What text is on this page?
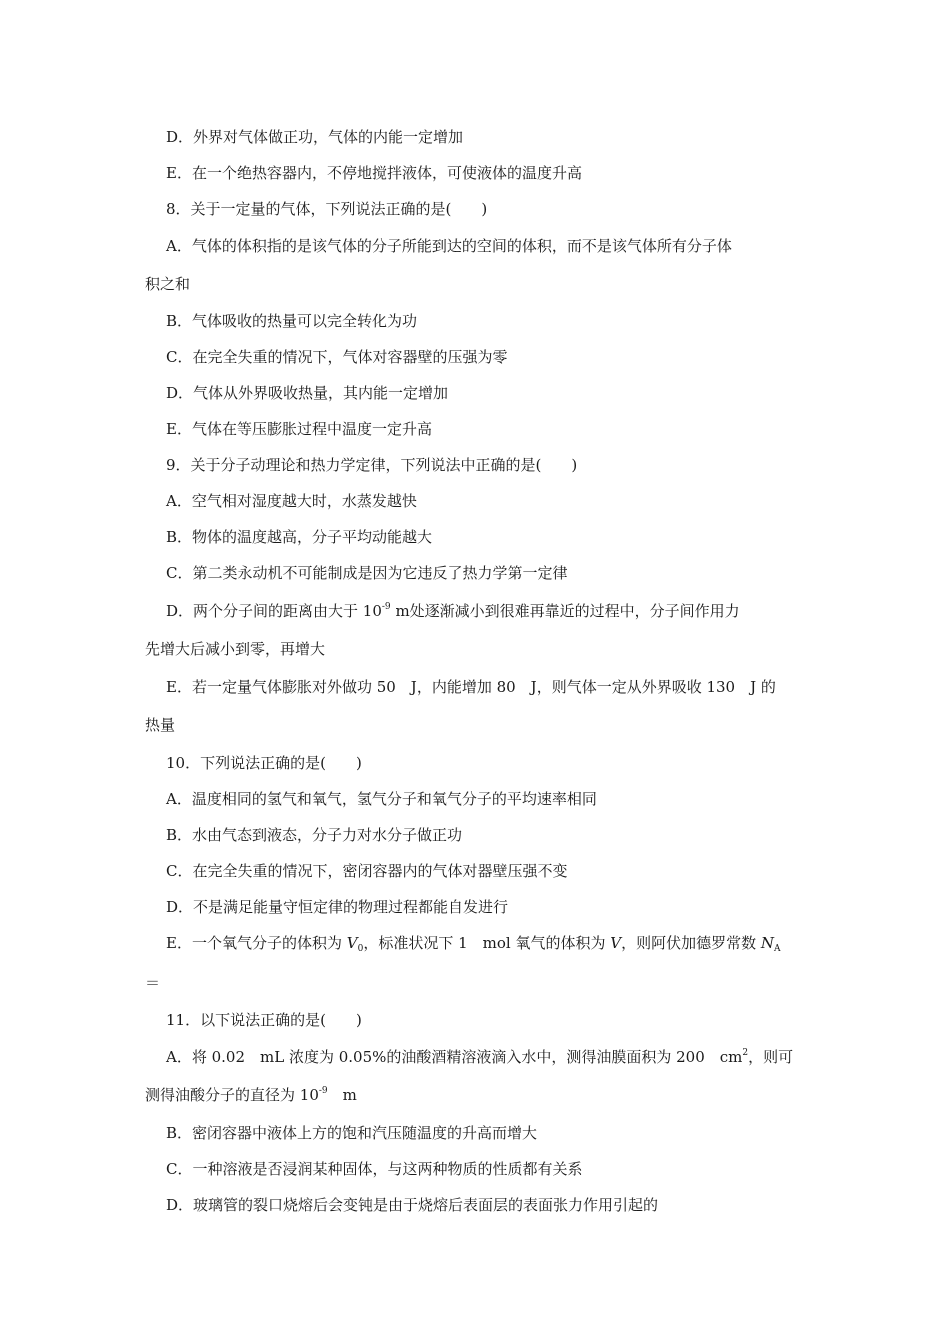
D．外界对气体做正功，气体的内能一定增加
E．在一个绝热容器内，不停地搅拌液体，可使液体的温度升高
8．关于一定量的气体，下列说法正确的是(　　)
A．气体的体积指的是该气体的分子所能到达的空间的体积，而不是该气体所有分子体
积之和
B．气体吸收的热量可以完全转化为功
C．在完全失重的情况下，气体对容器壁的压强为零
D．气体从外界吸收热量，其内能一定增加
E．气体在等压膨胀过程中温度一定升高
9．关于分子动理论和热力学定律，下列说法中正确的是(　　)
A．空气相对湿度越大时，水蒸发越快
B．物体的温度越高，分子平均动能越大
C．第二类永动机不可能制成是因为它违反了热力学第一定律
D．两个分子间的距离由大于 $10^{-9}$ m处逐渐减小到很难再靠近的过程中，分子间作用力
先增大后减小到零，再增大
E．若一定量气体膨胀对外做功 50　J，内能增加 80　J，则气体一定从外界吸收 130　J 的
热量
10．下列说法正确的是(　　)
A．温度相同的氢气和氧气，氢气分子和氧气分子的平均速率相同
B．水由气态到液态，分子力对水分子做正功
C．在完全失重的情况下，密闭容器内的气体对器壁压强不变
D．不是满足能量守恒定律的物理过程都能自发进行
E．一个氧气分子的体积为 $V_0$，标准状况下 1　mol 氧气的体积为 V，则阿伏加德罗常数 $N_A$
＝
11．以下说法正确的是(　　)
A．将 0.02　mL 浓度为 0.05%的油酸酒精溶液滴入水中，测得油膜面积为 200　$cm^2$，则可
测得油酸分子的直径为 $10^{-9}$　m
B．密闭容器中液体上方的饱和汽压随温度的升高而增大
C．一种溶液是否浸润某种固体，与这两种物质的性质都有关系
D．玻璃管的裂口烧熔后会变钝是由于烧熔后表面层的表面张力作用引起的
